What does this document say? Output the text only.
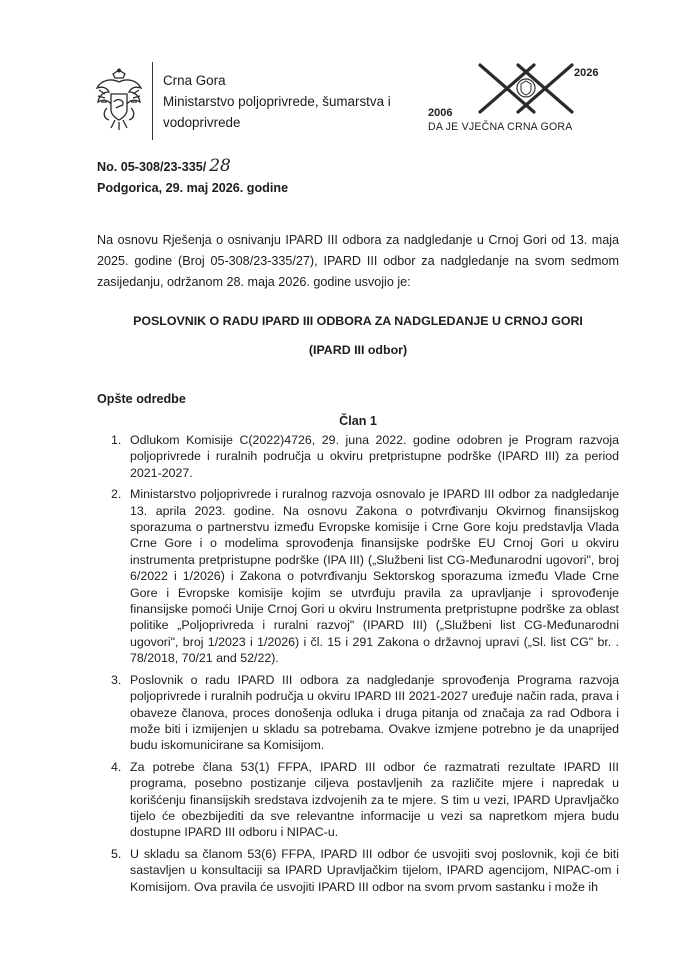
Crna Gora
Ministarstvo poljoprivrede, šumarstva i
vodoprivrede
2026
2006
DA JE VJEČNA CRNA GORA
No. 05-308/23-335/ 28
Podgorica, 29. maj 2026. godine
Na osnovu Rješenja o osnivanju IPARD III odbora za nadgledanje u Crnoj Gori od 13. maja 2025. godine (Broj 05-308/23-335/27), IPARD III odbor za nadgledanje na svom sedmom zasijedanju, održanom 28. maja 2026. godine usvojio je:
POSLOVNIK O RADU IPARD III ODBORA ZA NADGLEDANJE U CRNOJ GORI
(IPARD III odbor)
Opšte odredbe
Član 1
1. Odlukom Komisije C(2022)4726, 29. juna 2022. godine odobren je Program razvoja poljoprivrede i ruralnih područja u okviru pretpristupne podrške (IPARD III) za period 2021-2027.
2. Ministarstvo poljoprivrede i ruralnog razvoja osnovalo je IPARD III odbor za nadgledanje 13. aprila 2023. godine. Na osnovu Zakona o potvrđivanju Okvirnog finansijskog sporazuma o partnerstvu između Evropske komisije i Crne Gore koju predstavlja Vlada Crne Gore i o modelima sprovođenja finansijske podrške EU Crnoj Gori u okviru instrumenta pretpristupne podrške (IPA III) („Službeni list CG-Međunarodni ugovori", broj 6/2022 i 1/2026) i Zakona o potvrđivanju Sektorskog sporazuma između Vlade Crne Gore i Evropske komisije kojim se utvrđuju pravila za upravljanje i sprovođenje finansijske pomoći Unije Crnoj Gori u okviru Instrumenta pretpristupne podrške za oblast politike „Poljoprivreda i ruralni razvoj" (IPARD III) („Službeni list CG-Međunarodni ugovori", broj 1/2023 i 1/2026) i čl. 15 i 291 Zakona o državnoj upravi („Sl. list CG" br. . 78/2018, 70/21 and 52/22).
3. Poslovnik o radu IPARD III odbora za nadgledanje sprovođenja Programa razvoja poljoprivrede i ruralnih područja u okviru IPARD III 2021-2027 uređuje način rada, prava i obaveze članova, proces donošenja odluka i druga pitanja od značaja za rad Odbora i može biti i izmijenjen u skladu sa potrebama. Ovakve izmjene potrebno je da unaprijed budu iskomunicirane sa Komisijom.
4. Za potrebe člana 53(1) FFPA, IPARD III odbor će razmatrati rezultate IPARD III programa, posebno postizanje ciljeva postavljenih za različite mjere i napredak u korišćenju finansijskih sredstava izdvojenih za te mjere. S tim u vezi, IPARD Upravljačko tijelo će obezbijediti da sve relevantne informacije u vezi sa napretkom mjera budu dostupne IPARD III odboru i NIPAC-u.
5. U skladu sa članom 53(6) FFPA, IPARD III odbor će usvojiti svoj poslovnik, koji će biti sastavljen u konsultaciji sa IPARD Upravljačkim tijelom, IPARD agencijom, NIPAC-om i Komisijom. Ova pravila će usvojiti IPARD III odbor na svom prvom sastanku i može ih
